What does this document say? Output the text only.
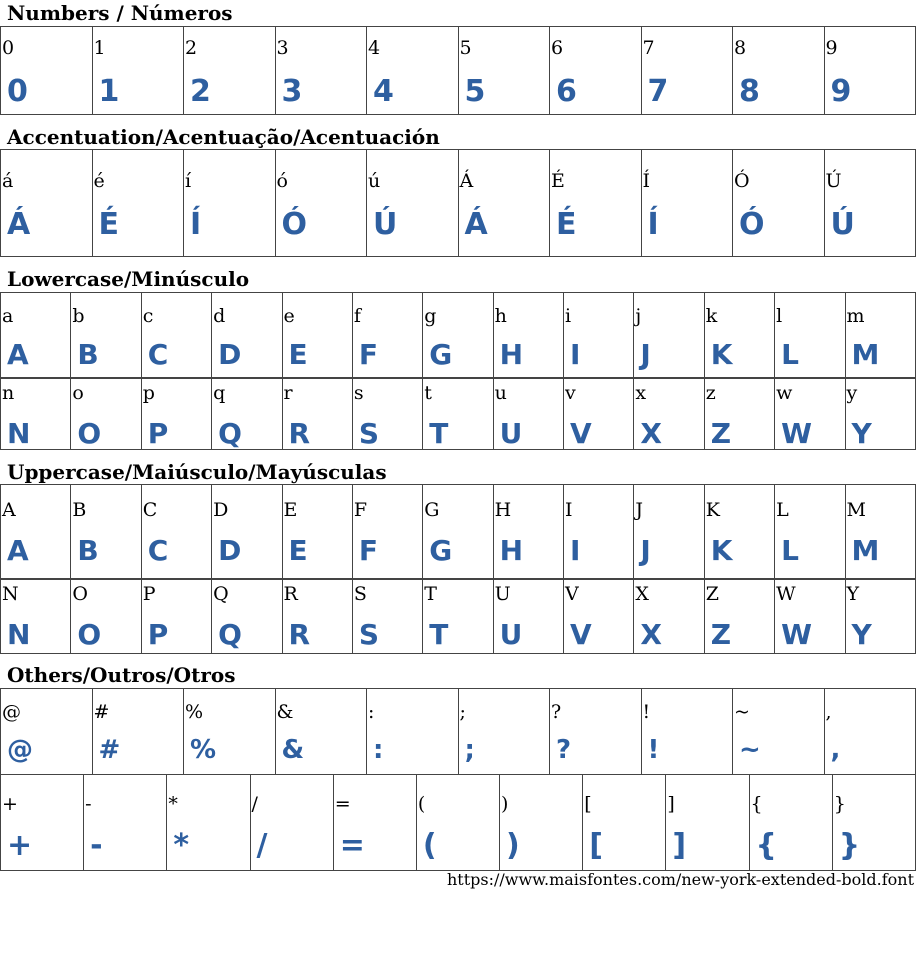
Numbers / Números
0
0
1
1
2
2
3
3
4
4
5
5
6
6
7
7
8
8
9
9
Accentuation/Acentuação/Acentuación
á
Á
é
É
í
Í
ó
Ó
ú
Ú
Á
Á
É
É
Í
Í
Ó
Ó
Ú
Ú
Lowercase/Minúsculo
a
A
b
B
c
C
d
D
e
E
f
F
g
G
h
H
i
I
j
J
k
K
l
L
m
M
n
N
o
O
p
P
q
Q
r
R
s
S
t
T
u
U
v
V
x
X
z
Z
w
W
y
Y
Uppercase/Maiúsculo/Mayúsculas
A
A
B
B
C
C
D
D
E
E
F
F
G
G
H
H
I
I
J
J
K
K
L
L
M
M
N
N
O
O
P
P
Q
Q
R
R
S
S
T
T
U
U
V
V
X
X
Z
Z
W
W
Y
Y
Others/Outros/Otros
@
@
#
#
%
%
&
&
:
:
;
;
?
?
!
!
~
~
,
,
+
+
-
-
*
*
/
/
=
=
(
(
)
)
[
[
]
]
{
{
}
}
https://www.maisfontes.com/new-york-extended-bold.font
